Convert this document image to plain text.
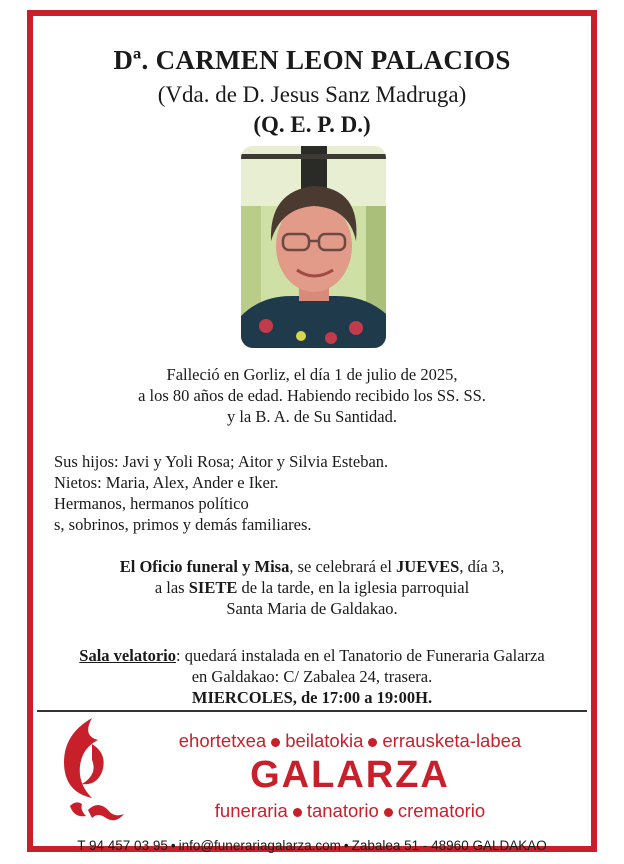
Dª. CARMEN LEON PALACIOS
(Vda. de D. Jesus Sanz Madruga)
(Q. E. P. D.)
Falleció en Gorliz, el día 1 de julio de 2025,
a los 80 años de edad. Habiendo recibido los SS. SS.
y la B. A. de Su Santidad.
Sus hijos: Javi y Yoli Rosa; Aitor y Silvia Esteban.
Nietos: Maria, Alex, Ander e Iker.
Hermanos, hermanos político
s, sobrinos, primos y demás familiares.
El Oficio funeral y Misa, se celebrará el JUEVES, día 3,
a las SIETE de la tarde, en la iglesia parroquial
Santa Maria de Galdakao.
Sala velatorio: quedará instalada en el Tanatorio de Funeraria Galarza
en Galdakao: C/ Zabalea 24, trasera.
MIERCOLES, de 17:00 a 19:00H.
ehortetxea beilatokia errausketa-labea
GALARZA
funeraria tanatorio crematorio
T 94 457 03 95 • info@funerariagalarza.com • Zabalea 51 - 48960 GALDAKAO
